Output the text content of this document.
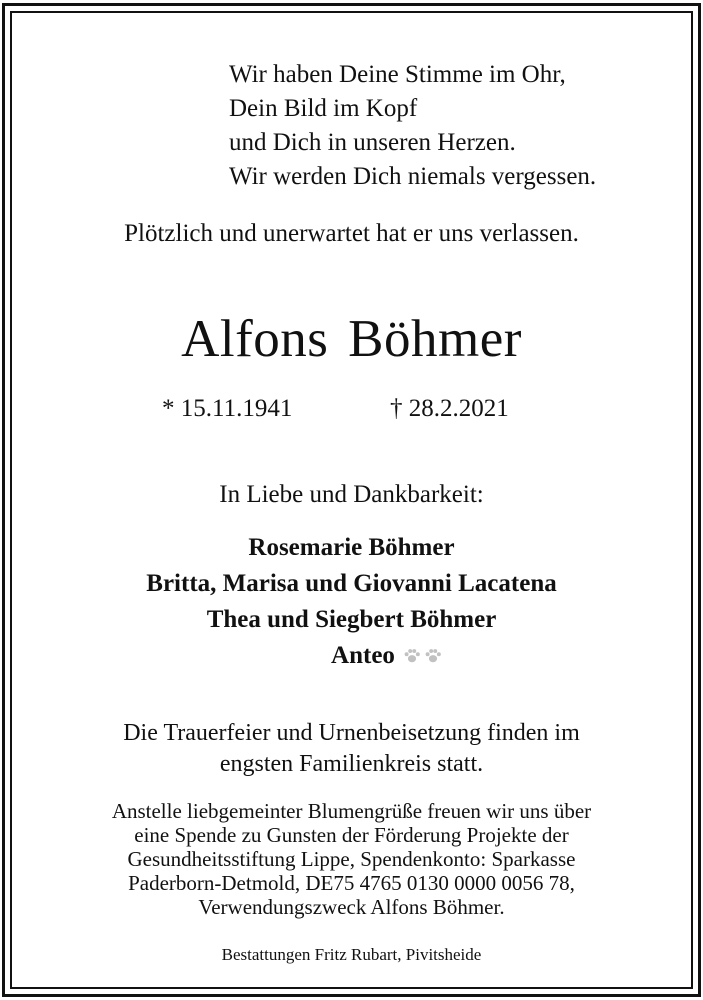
Wir haben Deine Stimme im Ohr,
Dein Bild im Kopf
und Dich in unseren Herzen.
Wir werden Dich niemals vergessen.
Plötzlich und unerwartet hat er uns verlassen.
Alfons Böhmer
* 15.11.1941	† 28.2.2021
In Liebe und Dankbarkeit:
Rosemarie Böhmer
Britta, Marisa und Giovanni Lacatena
Thea und Siegbert Böhmer
Anteo
Die Trauerfeier und Urnenbeisetzung finden im
engsten Familienkreis statt.
Anstelle liebgemeinter Blumengrüße freuen wir uns über
eine Spende zu Gunsten der Förderung Projekte der
Gesundheitsstiftung Lippe, Spendenkonto: Sparkasse
Paderborn-Detmold, DE75 4765 0130 0000 0056 78,
Verwendungszweck Alfons Böhmer.
Bestattungen Fritz Rubart, Pivitsheide
